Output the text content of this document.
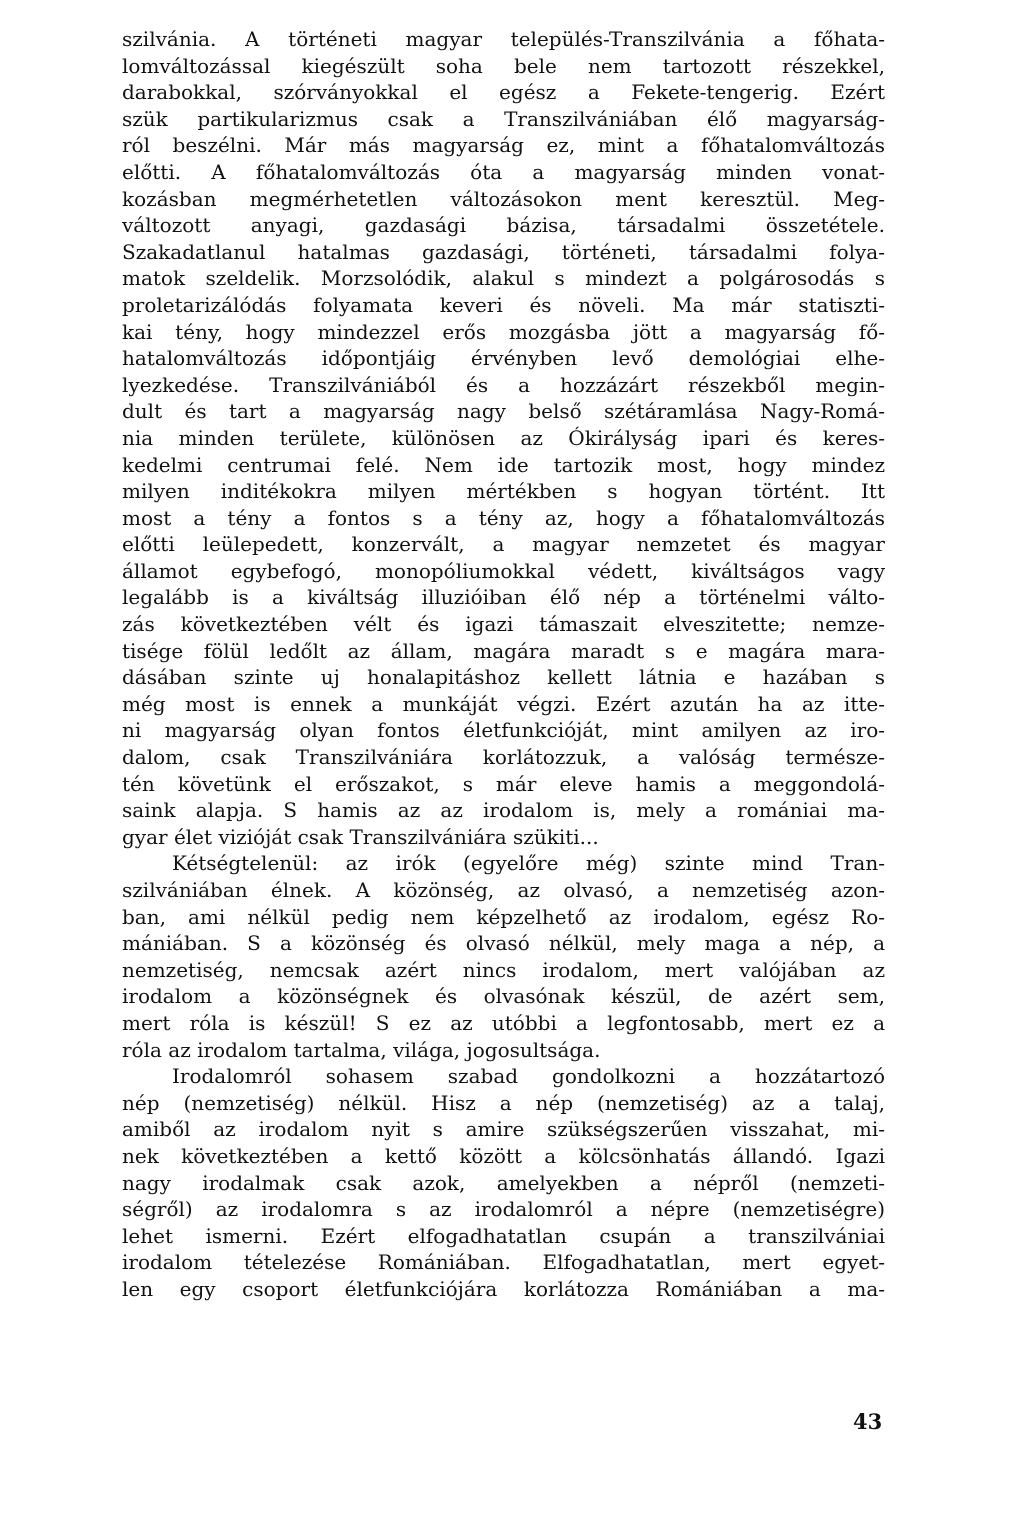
szilvánia. A történeti magyar település-Transzilvánia a főhata-
lomváltozással kiegészült soha bele nem tartozott részekkel,
darabokkal, szórványokkal el egész a Fekete-tengerig. Ezért
szük partikularizmus csak a Transzilvániában élő magyarság-
ról beszélni. Már más magyarság ez, mint a főhatalomváltozás
előtti. A főhatalomváltozás óta a magyarság minden vonat-
kozásban megmérhetetlen változásokon ment keresztül. Meg-
változott anyagi, gazdasági bázisa, társadalmi összetétele.
Szakadatlanul hatalmas gazdasági, történeti, társadalmi folya-
matok szeldelik. Morzsolódik, alakul s mindezt a polgárosodás s
proletarizálódás folyamata keveri és növeli. Ma már statiszti-
kai tény, hogy mindezzel erős mozgásba jött a magyarság fő-
hatalomváltozás időpontjáig érvényben levő demológiai elhe-
lyezkedése. Transzilvániából és a hozzázárt részekből megin-
dult és tart a magyarság nagy belső szétáramlása Nagy-Romá-
nia minden területe, különösen az Ókirályság ipari és keres-
kedelmi centrumai felé. Nem ide tartozik most, hogy mindez
milyen inditékokra milyen mértékben s hogyan történt. Itt
most a tény a fontos s a tény az, hogy a főhatalomváltozás
előtti leülepedett, konzervált, a magyar nemzetet és magyar
államot egybefogó, monopóliumokkal védett, kiváltságos vagy
legalább is a kiváltság illuzióiban élő nép a történelmi válto-
zás következtében vélt és igazi támaszait elveszitette; nemze-
tisége fölül ledőlt az állam, magára maradt s e magára mara-
dásában szinte uj honalapitáshoz kellett látnia e hazában s
még most is ennek a munkáját végzi. Ezért azután ha az itte-
ni magyarság olyan fontos életfunkcióját, mint amilyen az iro-
dalom, csak Transzilvániára korlátozzuk, a valóság természe-
tén követünk el erőszakot, s már eleve hamis a meggondolá-
saink alapja. S hamis az az irodalom is, mely a romániai ma-
gyar élet vizióját csak Transzilvániára szükiti...
Kétségtelenül: az irók (egyelőre még) szinte mind Tran-
szilvániában élnek. A közönség, az olvasó, a nemzetiség azon-
ban, ami nélkül pedig nem képzelhető az irodalom, egész Ro-
mániában. S a közönség és olvasó nélkül, mely maga a nép, a
nemzetiség, nemcsak azért nincs irodalom, mert valójában az
irodalom a közönségnek és olvasónak készül, de azért sem,
mert róla is készül! S ez az utóbbi a legfontosabb, mert ez a
róla az irodalom tartalma, világa, jogosultsága.
Irodalomról sohasem szabad gondolkozni a hozzátartozó
nép (nemzetiség) nélkül. Hisz a nép (nemzetiség) az a talaj,
amiből az irodalom nyit s amire szükségszerűen visszahat, mi-
nek következtében a kettő között a kölcsönhatás állandó. Igazi
nagy irodalmak csak azok, amelyekben a népről (nemzeti-
ségről) az irodalomra s az irodalomról a népre (nemzetiségre)
lehet ismerni. Ezért elfogadhatatlan csupán a transzilvániai
irodalom tételezése Romániában. Elfogadhatatlan, mert egyet-
len egy csoport életfunkciójára korlátozza Romániában a ma-
43
